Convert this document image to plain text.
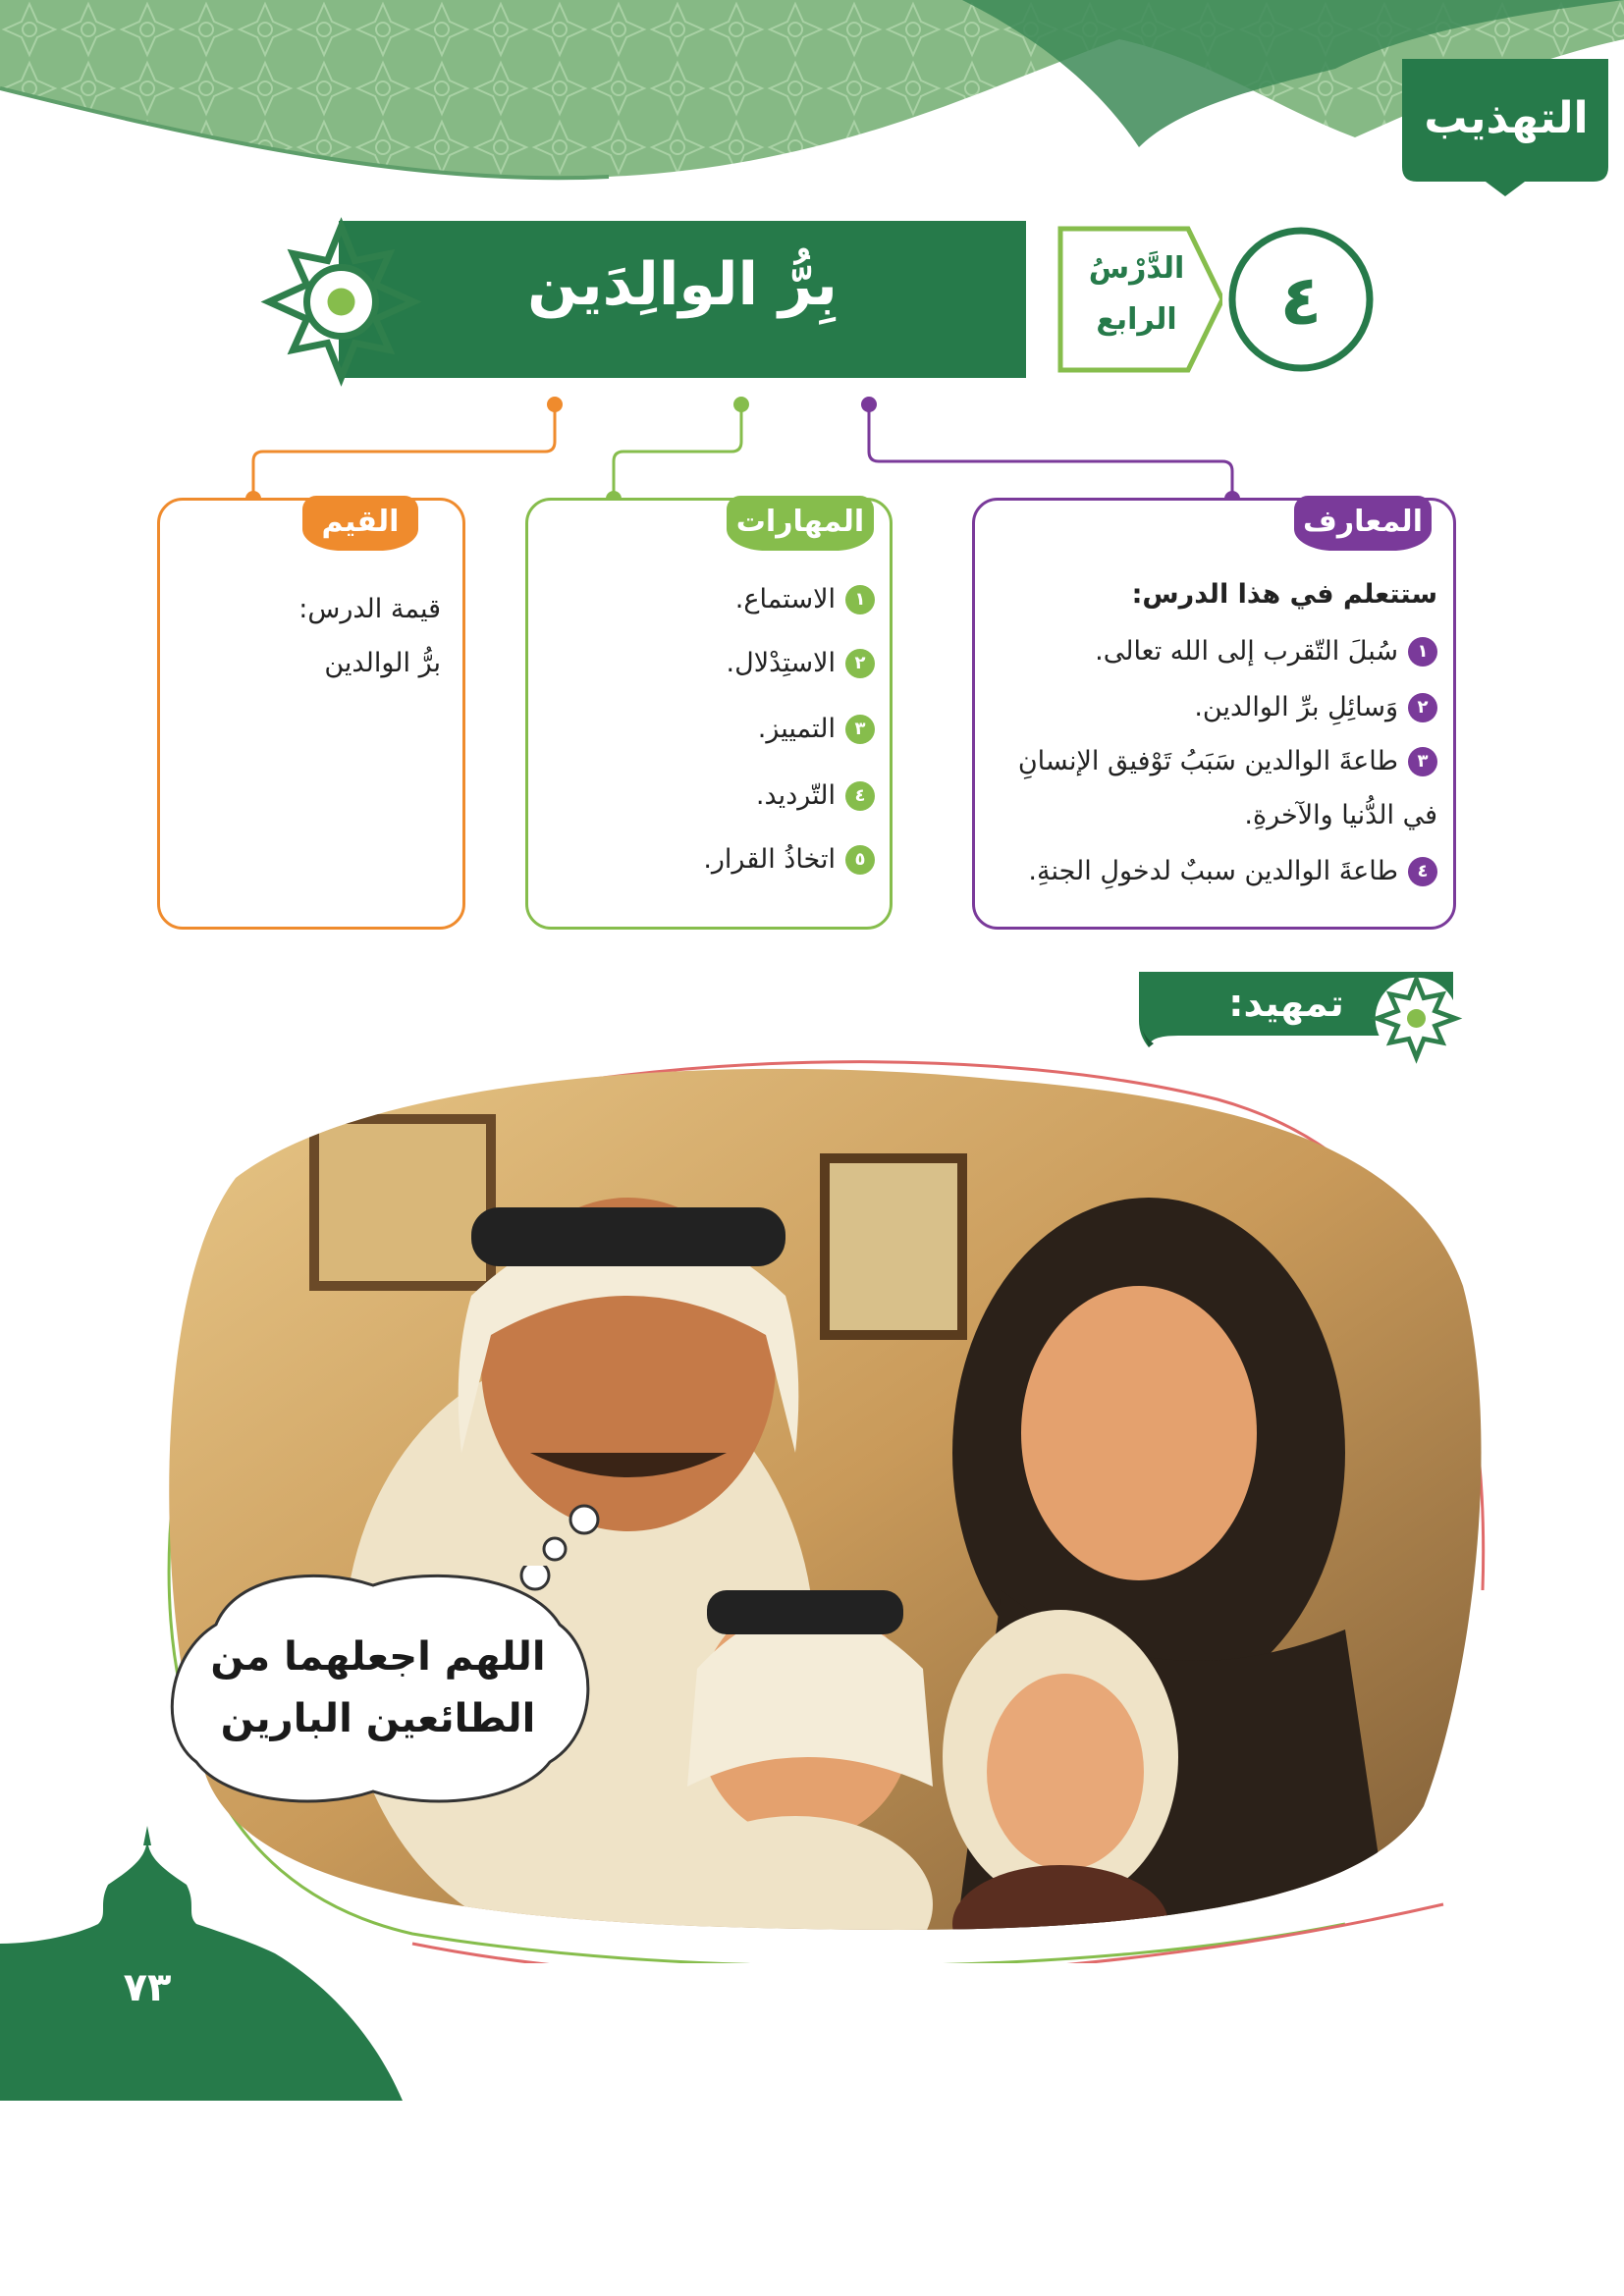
التهذيب
بِرُّ الوالِدَين	الدَّرْسُ
الرابع	٤
المعارف
ستتعلم في هذا الدرس:
١
سُبلَ التّقرب إلى الله تعالى.
٢
وَسائِلِ برِّ الوالدين.
٣
طاعةَ الوالدين سَبَبُ تَوْفيق الإنسانِ
في الدُّنيا والآخرةِ.
٤
طاعةَ الوالدين سببٌ لدخولِ الجنةِ.
المهارات
١
الاستماع.
٢
الاستِدْلال.
٣
التمييز.
٤
التّرديد.
٥
اتخاذُ القرار.
القيم
قيمة الدرس:
برُّ الوالدين
تمهيد:
اللهم اجعلهما من
الطائعين البارين
٧٣
